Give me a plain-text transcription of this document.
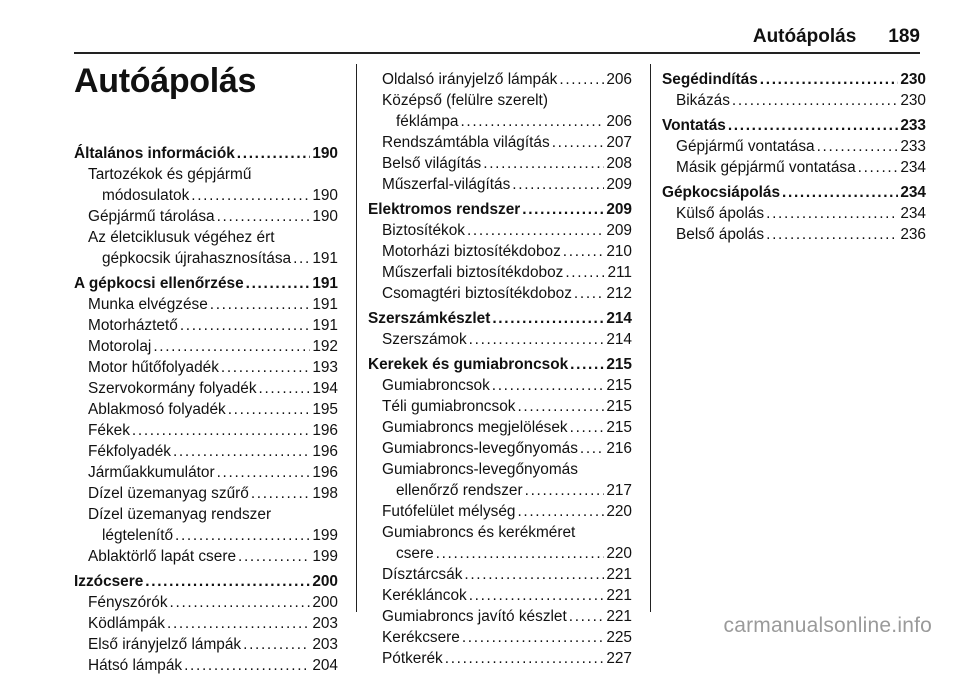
Autóápolás 189
Autóápolás
Általános információk . . .	190
Tartozékok és gépjármű
módosulatok . . .	190
Gépjármű tárolása . . .	190
Az életciklusuk végéhez ért
gépkocsik újrahasznosítása . . . 191
A gépkocsi ellenőrzése . . .	191
Munka elvégzése . . .	191
Motorháztető . . .	191
Motorolaj . . .	192
Motor hűtőfolyadék . . .	193
Szervokormány folyadék . . .	194
Ablakmosó folyadék . . .	195
Fékek . . .	196
Fékfolyadék . . .	196
Járműakkumulátor . . .	196
Dízel üzemanyag szűrő . . .	198
Dízel üzemanyag rendszer
légtelenítő . . .	199
Ablaktörlő lapát csere . . .	199
Izzócsere . . .	200
Fényszórók . . .	200
Ködlámpák . . .	203
Első irányjelző lámpák . . .	203
Hátsó lámpák . . .	204
Oldalsó irányjelző lámpák . . .	206
Középső (felülre szerelt)
féklámpa . . .	206
Rendszámtábla világítás . . .	207
Belső világítás . . .	208
Műszerfal-világítás . . .	209
Elektromos rendszer . . .	209
Biztosítékok . . .	209
Motorházi biztosítékdoboz . . .	210
Műszerfali biztosítékdoboz . . .	211
Csomagtéri biztosítékdoboz . . . 212
Szerszámkészlet . . .	214
Szerszámok . . .	214
Kerekek és gumiabroncsok . . . 215
Gumiabroncsok . . .	215
Téli gumiabroncsok . . .	215
Gumiabroncs megjelölések . . .	215
Gumiabroncs-levegőnyomás . . . 216
Gumiabroncs-levegőnyomás
ellenőrző rendszer . . .	217
Futófelület mélység . . .	220
Gumiabroncs és kerékméret
csere . . .	220
Dísztárcsák . . .	221
Kerékláncok . . .	221
Gumiabroncs javító készlet . . .	221
Kerékcsere . . .	225
Pótkerék . . .	227
Segédindítás . . .	230
Bikázás . . .	230
Vontatás . . .	233
Gépjármű vontatása . . .	233
Másik gépjármű vontatása . . .	234
Gépkocsiápolás . . .	234
Külső ápolás . . .	234
Belső ápolás . . .	236
carmanualsonline.info
